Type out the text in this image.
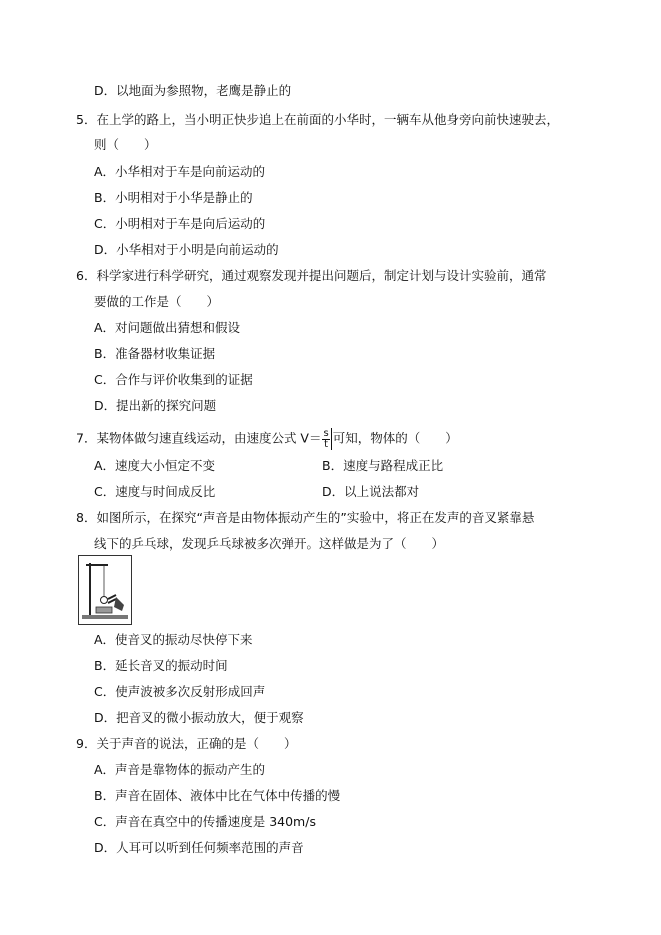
D．以地面为参照物，老鹰是静止的
5．在上学的路上，当小明正快步追上在前面的小华时，一辆车从他身旁向前快速驶去，
则（　　）
A．小华相对于车是向前运动的
B．小明相对于小华是静止的
C．小明相对于车是向后运动的
D．小华相对于小明是向前运动的
6．科学家进行科学研究，通过观察发现并提出问题后，制定计划与设计实验前，通常
要做的工作是（　　）
A．对问题做出猜想和假设
B．准备器材收集证据
C．合作与评价收集到的证据
D．提出新的探究问题
7．某物体做匀速直线运动，由速度公式 $V= \frac{s}{t}$ 可知，物体的（　　）
A．速度大小恒定不变	B．速度与路程成正比
C．速度与时间成反比	D．以上说法都对
8．如图所示，在探究“声音是由物体振动产生的”实验中，将正在发声的音叉紧靠悬
线下的乒乓球，发现乒乓球被多次弹开。这样做是为了（　　）
A．使音叉的振动尽快停下来
B．延长音叉的振动时间
C．使声波被多次反射形成回声
D．把音叉的微小振动放大，便于观察
9．关于声音的说法，正确的是（　　）
A．声音是靠物体的振动产生的
B．声音在固体、液体中比在气体中传播的慢
C．声音在真空中的传播速度是 340m/s
D．人耳可以听到任何频率范围的声音
